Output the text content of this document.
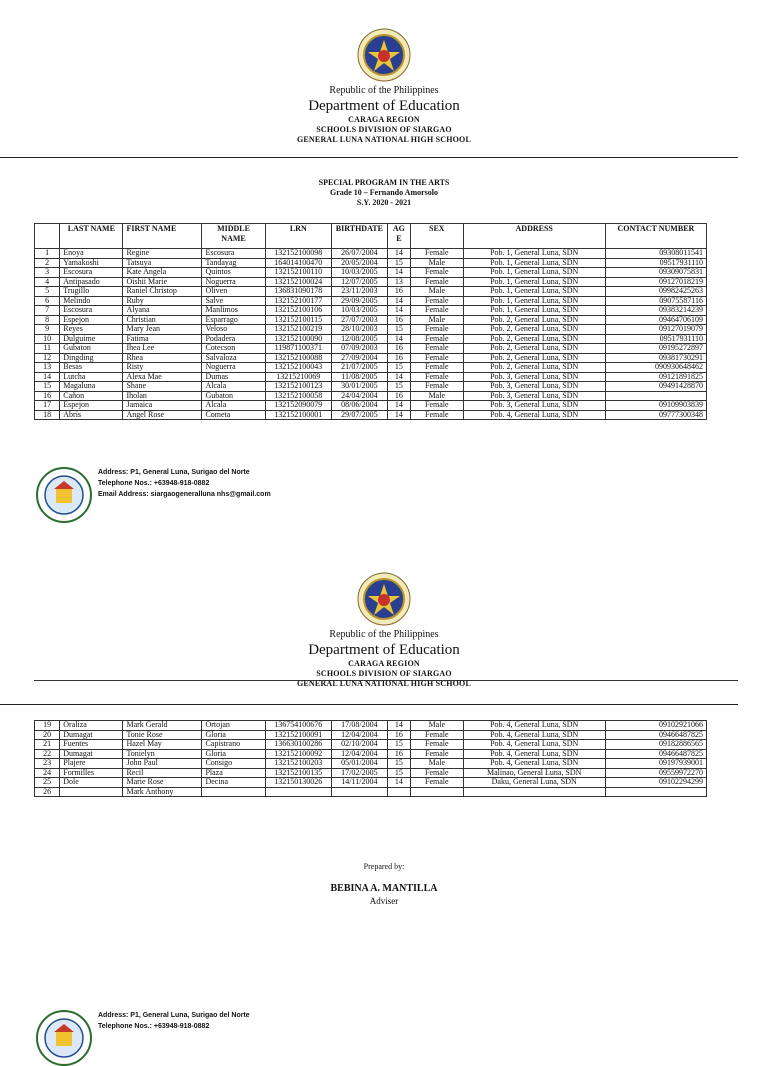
Republic of the Philippines
Department of Education
CARAGA REGION
SCHOOLS DIVISION OF SIARGAO
GENERAL LUNA NATIONAL HIGH SCHOOL
SPECIAL PROGRAM IN THE ARTS
Grade 10 – Fernando Amorsolo
S.Y. 2020 - 2021
	LAST NAME	FIRST NAME	MIDDLE NAME	LRN	BIRTHDATE	AGE	SEX	ADDRESS	CONTACT NUMBER
1	Enoya	Regine	Escosura	132152100098	26/07/2004	14	Female	Pob. 1, General Luna, SDN	09308011541
2	Yamakoshi	Tatsuya	Tandayag	164014100470	20/05/2004	15	Male	Pob. 1, General Luna, SDN	09517931110
3	Escosura	Kate Angela	Quintos	132152100110	10/03/2005	14	Female	Pob. 1, General Luna, SDN	09309075831
4	Antipasado	Oishii Marie	Noguerra	132152100024	12/07/2005	13	Female	Pob. 1, General Luna, SDN	09127018219
5	Trugillo	Raniel Christop	Oliven	136831090178	23/11/2003	16	Male	Pob. 1, General Luna, SDN	09982425263
6	Melindo	Ruby	Salve	132152100177	29/09/2005	14	Female	Pob. 1, General Luna, SDN	09075587116
7	Escosura	Alyana	Manlimos	132152100106	10/03/2005	14	Female	Pob. 1, General Luna, SDN	09383214239
8	Espejon	Christian	Esparrago	132152100115	27/07/2003	16	Male	Pob. 2, General Luna, SDN	09464706109
9	Reyes	Mary Jean	Veloso	132152100219	28/10/2003	15	Female	Pob. 2, General Luna, SDN	09127019079
10	Dulguime	Fatima	Podadera	132152100090	12/08/2005	14	Female	Pob. 2, General Luna, SDN	09517931110
11	Gubaton	Ihea Lee	Cotecson	119871100371	07/09/2003	16	Female	Pob. 2, General Luna, SDN	09195272897
12	Dingding	Rhea	Salvaloza	132152100088	27/09/2004	16	Female	Pob. 2, General Luna, SDN	09381730291
13	Besas	Risty	Noguerra	132152100043	21/07/2005	15	Female	Pob. 2, General Luna, SDN	090930648462
14	Lutcha	Alexa Mae	Dumas	13215210069	11/08/2005	14	Female	Pob. 3, General Luna, SDN	09121891825
15	Magaluna	Shane	Alcala	132152100123	30/01/2005	15	Female	Pob. 3, General Luna, SDN	09491428870
16	Cañon	Iholan	Gubaton	132152100058	24/04/2004	16	Male	Pob. 3, General Luna, SDN	
17	Espejon	Jamaica	Alcala	132152090079	08/06/2004	14	Female	Pob. 3, General Luna, SDN	09109903839
18	Abris	Angel Rose	Cometa	132152100001	29/07/2005	14	Female	Pob. 4, General Luna, SDN	09777300348
Address: P1, General Luna, Surigao del Norte
Telephone Nos.: +63948-918-0882
Email Address: siargaogeneralluna nhs@gmail.com
Republic of the Philippines
Department of Education
CARAGA REGION
SCHOOLS DIVISION OF SIARGAO
GENERAL LUNA NATIONAL HIGH SCHOOL
19	Oraliza	Mark Gerald	Ortojan	136754100676	17/08/2004	14	Male	Pob. 4, General Luna, SDN	09102921066
20	Dumagat	Tonie Rose	Gloria	132152100091	12/04/2004	16	Female	Pob. 4, General Luna, SDN	09466487825
21	Fuentes	Hazel May	Capistrano	136630100286	02/10/2004	15	Female	Pob. 4, General Luna, SDN	09182886565
22	Dumagat	Tonielyn	Gloria	132152100092	12/04/2004	16	Female	Pob. 4, General Luna, SDN	09466487825
23	Plajere	John Paul	Consigo	132152100203	05/01/2004	15	Male	Pob. 4, General Luna, SDN	09197939001
24	Formilles	Recil	Plaza	132152100135	17/02/2005	15	Female	Malinao, General Luna, SDN	09559972270
25	Dole	Marie Rose	Decina	132150130026	14/11/2004	14	Female	Daku, General Luna, SDN	09102294299
26		Mark Anthony							
Prepared by:
BEBINA A. MANTILLA
Adviser
Address: P1, General Luna, Surigao del Norte
Telephone Nos.: +63948-918-0882
